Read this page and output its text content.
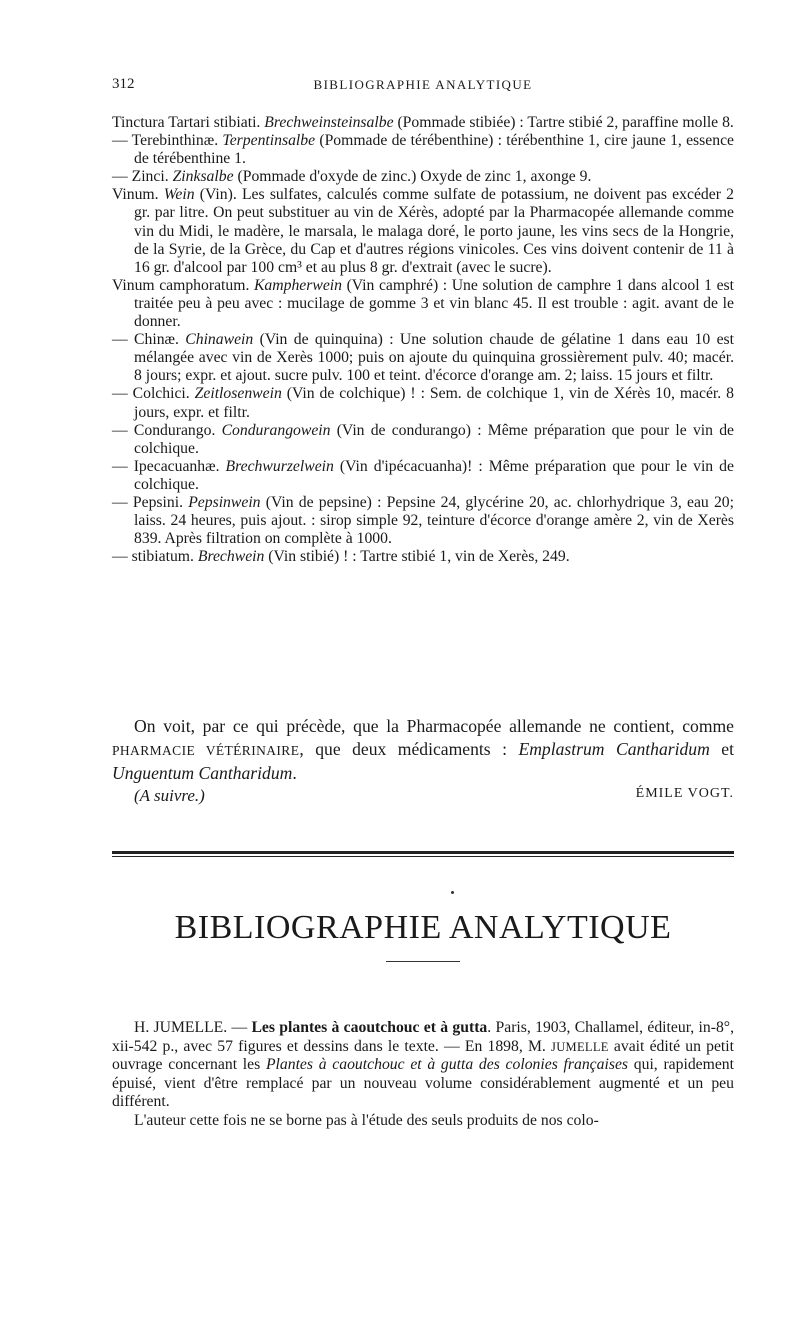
312	BIBLIOGRAPHIE ANALYTIQUE
Tinctura Tartari stibiati. Brechweinsteinsalbe (Pommade stibiée) : Tartre stibié 2, paraffine molle 8.
— Terebinthinæ. Terpentinsalbe (Pommade de térébenthine) : térébenthine 1, cire jaune 1, essence de térébenthine 1.
— Zinci. Zinksalbe (Pommade d'oxyde de zinc.) Oxyde de zinc 1, axonge 9.
Vinum. Wein (Vin). Les sulfates, calculés comme sulfate de potassium, ne doivent pas excéder 2 gr. par litre. On peut substituer au vin de Xérès, adopté par la Pharmacopée allemande comme vin du Midi, le madère, le marsala, le malaga doré, le porto jaune, les vins secs de la Hongrie, de la Syrie, de la Grèce, du Cap et d'autres régions vinicoles. Ces vins doivent contenir de 11 à 16 gr. d'alcool par 100 cm³ et au plus 8 gr. d'extrait (avec le sucre).
Vinum camphoratum. Kampherwein (Vin camphré) : Une solution de camphre 1 dans alcool 1 est traitée peu à peu avec : mucilage de gomme 3 et vin blanc 45. Il est trouble : agit. avant de le donner.
— Chinæ. Chinawein (Vin de quinquina) : Une solution chaude de gélatine 1 dans eau 10 est mélangée avec vin de Xerès 1000; puis on ajoute du quinquina grossièrement pulv. 40; macér. 8 jours; expr. et ajout. sucre pulv. 100 et teint. d'écorce d'orange am. 2; laiss. 15 jours et filtr.
— Colchici. Zeitlosenwein (Vin de colchique) ! : Sem. de colchique 1, vin de Xérès 10, macér. 8 jours, expr. et filtr.
— Condurango. Condurangowein (Vin de condurango) : Même préparation que pour le vin de colchique.
— Ipecacuanhæ. Brechwurzelwein (Vin d'ipécacuanha)! : Même préparation que pour le vin de colchique.
— Pepsini. Pepsinwein (Vin de pepsine) : Pepsine 24, glycérine 20, ac. chlorhydrique 3, eau 20; laiss. 24 heures, puis ajout. : sirop simple 92, teinture d'écorce d'orange amère 2, vin de Xerès 839. Après filtration on complète à 1000.
— stibiatum. Brechwein (Vin stibié) ! : Tartre stibié 1, vin de Xerès, 249.
On voit, par ce qui précède, que la Pharmacopée allemande ne contient, comme PHARMACIE VÉTÉRINAIRE, que deux médicaments : Emplastrum Cantharidum et Unguentum Cantharidum.
(A suivre.)	ÉMILE VOGT.
BIBLIOGRAPHIE ANALYTIQUE

H. JUMELLE. — Les plantes à caoutchouc et à gutta. Paris, 1903, Challamel, éditeur, in-8°, xii-542 p., avec 57 figures et dessins dans le texte. — En 1898, M. JUMELLE avait édité un petit ouvrage concernant les Plantes à caoutchouc et à gutta des colonies françaises qui, rapidement épuisé, vient d'être remplacé par un nouveau volume considérablement augmenté et un peu différent.

L'auteur cette fois ne se borne pas à l'étude des seuls produits de nos colo-
